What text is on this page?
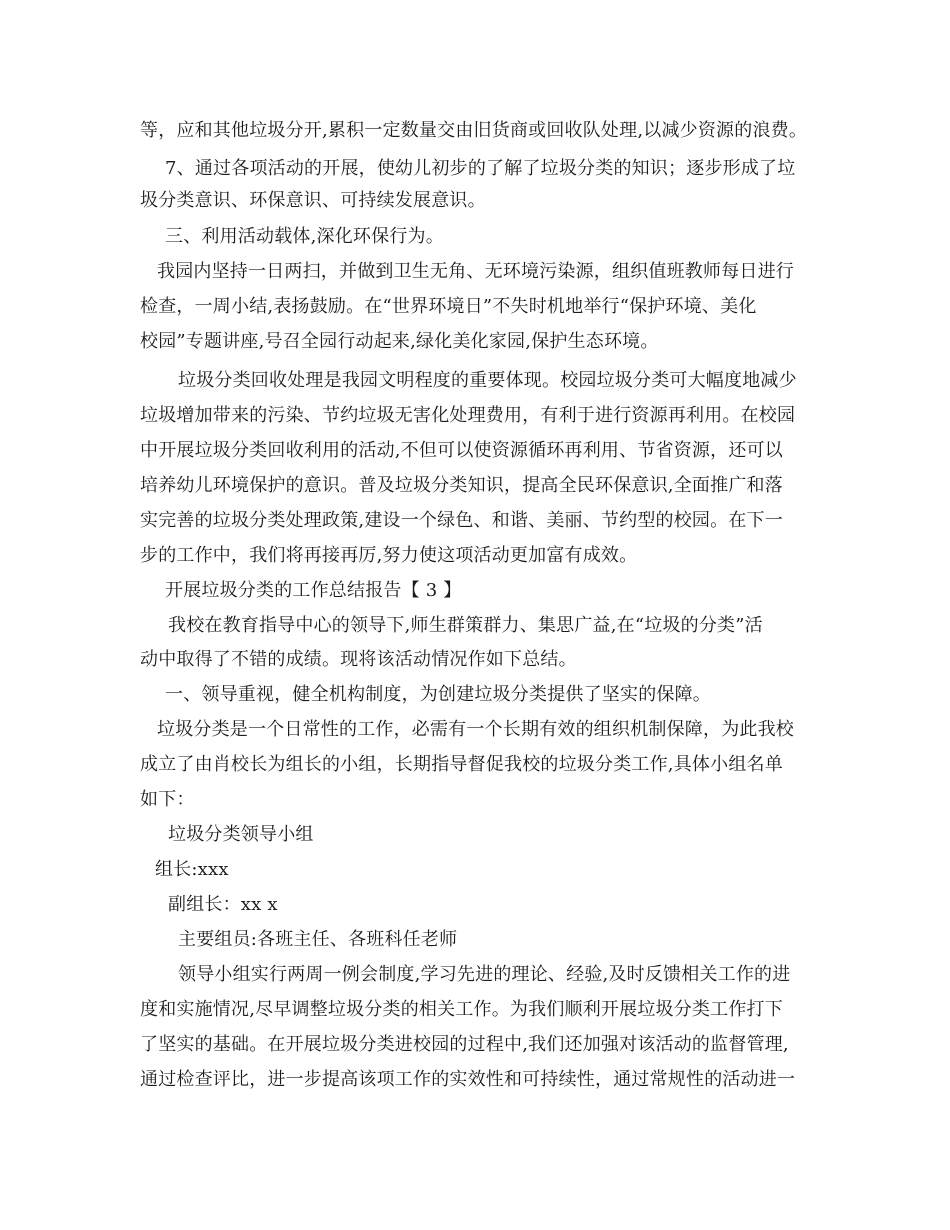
等，应和其他垃圾分开,累积一定数量交由旧货商或回收队处理,以减少资源的浪费。
7、通过各项活动的开展，使幼儿初步的了解了垃圾分类的知识；逐步形成了垃
圾分类意识、环保意识、可持续发展意识。
三、利用活动载体,深化环保行为。
我园内坚持一日两扫，并做到卫生无角、无环境污染源，组织值班教师每日进行
检查，一周小结,表扬鼓励。在“世界环境日”不失时机地举行“保护环境、美化
校园”专题讲座,号召全园行动起来,绿化美化家园,保护生态环境。
垃圾分类回收处理是我园文明程度的重要体现。校园垃圾分类可大幅度地减少
垃圾增加带来的污染、节约垃圾无害化处理费用，有利于进行资源再利用。在校园
中开展垃圾分类回收利用的活动,不但可以使资源循环再利用、节省资源，还可以
培养幼儿环境保护的意识。普及垃圾分类知识，提高全民环保意识,全面推广和落
实完善的垃圾分类处理政策,建设一个绿色、和谐、美丽、节约型的校园。在下一
步的工作中，我们将再接再厉,努力使这项活动更加富有成效。
开展垃圾分类的工作总结报告【 3 】
我校在教育指导中心的领导下,师生群策群力、集思广益,在“垃圾的分类”活
动中取得了不错的成绩。现将该活动情况作如下总结。
一、领导重视，健全机构制度，为创建垃圾分类提供了坚实的保障。
垃圾分类是一个日常性的工作，必需有一个长期有效的组织机制保障，为此我校
成立了由肖校长为组长的小组，长期指导督促我校的垃圾分类工作,具体小组名单
如下：
垃圾分类领导小组
组长:xxx
副组长：xx x
主要组员:各班主任、各班科任老师
领导小组实行两周一例会制度,学习先进的理论、经验,及时反馈相关工作的进
度和实施情况,尽早调整垃圾分类的相关工作。为我们顺利开展垃圾分类工作打下
了坚实的基础。在开展垃圾分类进校园的过程中,我们还加强对该活动的监督管理,
通过检查评比，进一步提高该项工作的实效性和可持续性，通过常规性的活动进一
